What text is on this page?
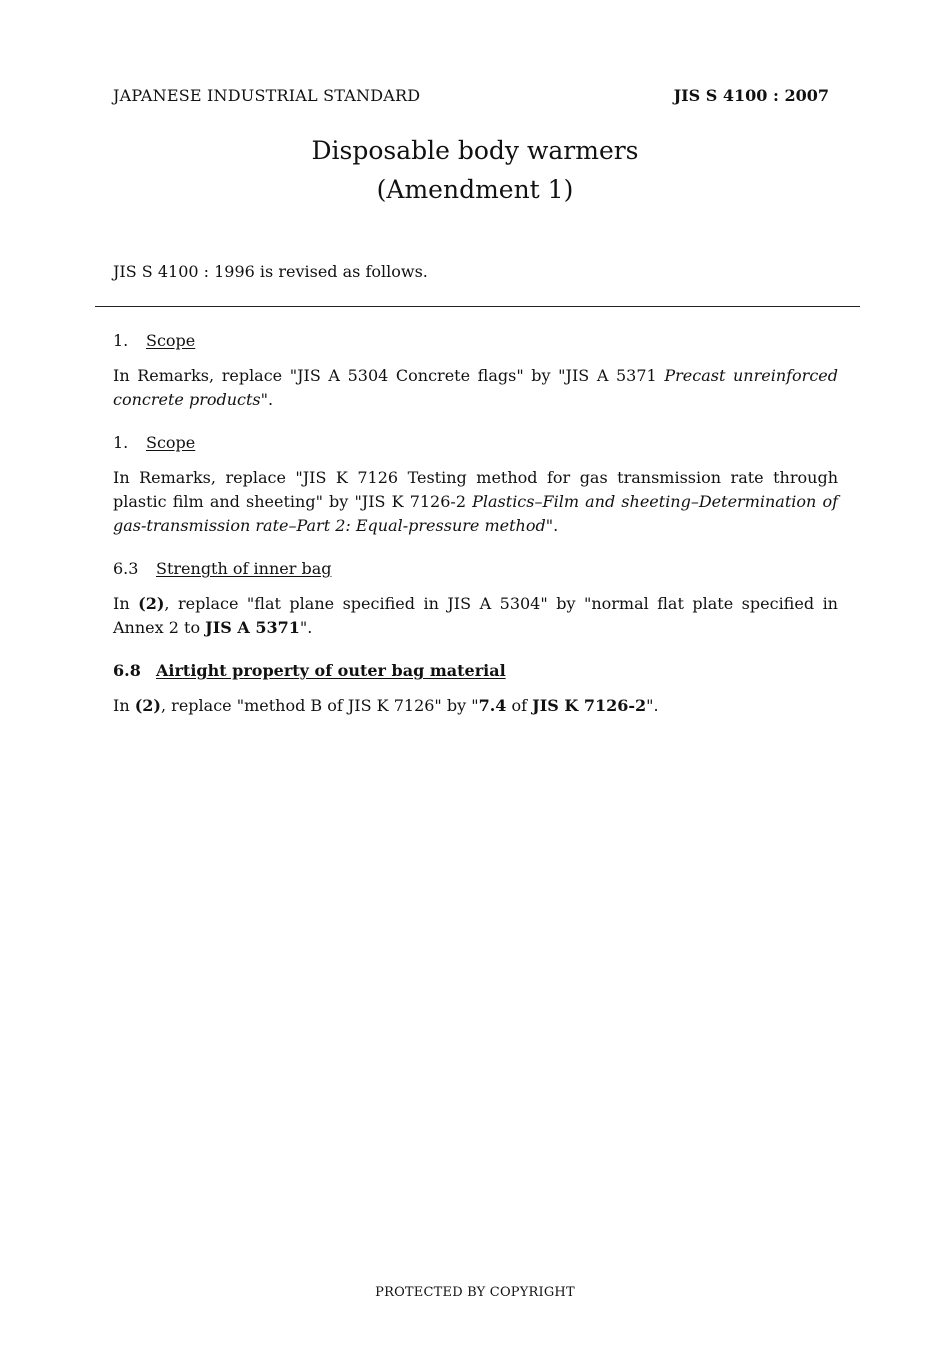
JAPANESE INDUSTRIAL STANDARD	JIS S 4100 : 2007
Disposable body warmers
(Amendment 1)
JIS S 4100 : 1996 is revised as follows.
1. Scope
In Remarks, replace "JIS A 5304 Concrete flags" by "JIS A 5371 Precast unreinforced concrete products".
1. Scope
In Remarks, replace "JIS K 7126 Testing method for gas transmission rate through plastic film and sheeting" by "JIS K 7126-2 Plastics–Film and sheeting–Determination of gas-transmission rate–Part 2: Equal-pressure method".
6.3 Strength of inner bag
In (2), replace "flat plane specified in JIS A 5304" by "normal flat plate specified in Annex 2 to JIS A 5371".
6.8 Airtight property of outer bag material
In (2), replace "method B of JIS K 7126" by "7.4 of JIS K 7126-2".
PROTECTED BY COPYRIGHT
